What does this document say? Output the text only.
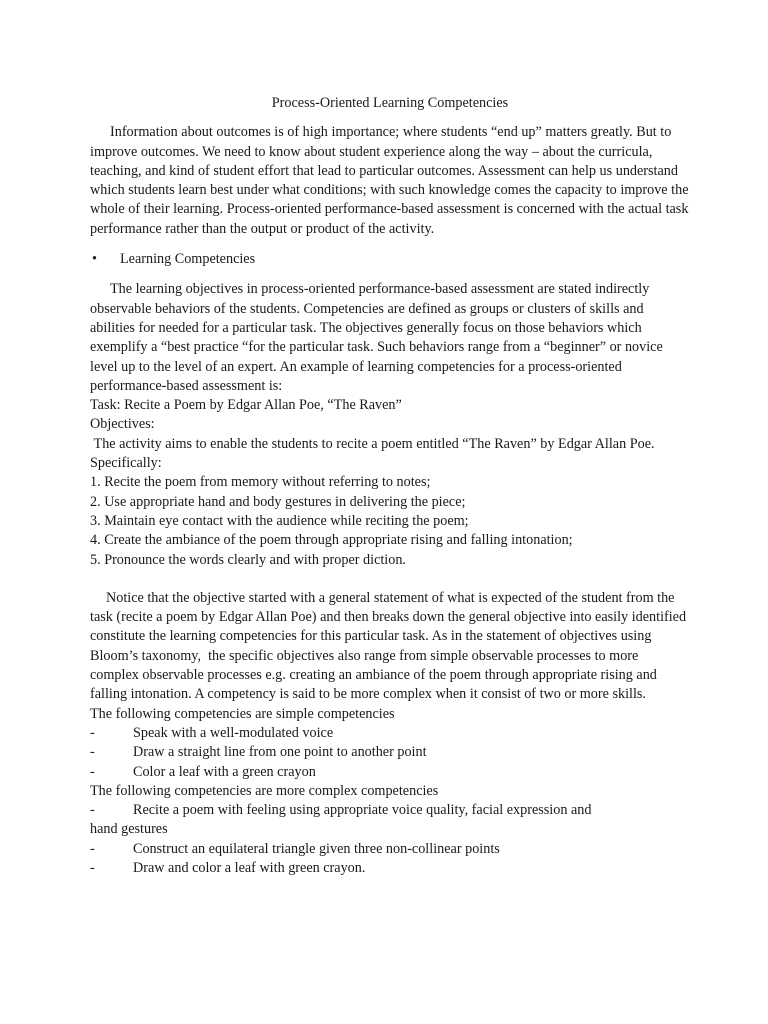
Process-Oriented Learning Competencies

Information about outcomes is of high importance; where students “end up” matters greatly. But to improve outcomes. We need to know about student experience along the way – about the curricula, teaching, and kind of student effort that lead to particular outcomes. Assessment can help us understand which students learn best under what conditions; with such knowledge comes the capacity to improve the whole of their learning. Process-oriented performance-based assessment is concerned with the actual task performance rather than the output or product of the activity.

•	Learning Competencies

The learning objectives in process-oriented performance-based assessment are stated indirectly observable behaviors of the students. Competencies are defined as groups or clusters of skills and abilities for needed for a particular task. The objectives generally focus on those behaviors which exemplify a “best practice “for the particular task. Such behaviors range from a “beginner” or novice level up to the level of an expert. An example of learning competencies for a process-oriented performance-based assessment is:

Task: Recite a Poem by Edgar Allan Poe, “The Raven”

Objectives:

The activity aims to enable the students to recite a poem entitled “The Raven” by Edgar Allan Poe. Specifically:

1. Recite the poem from memory without referring to notes;

2. Use appropriate hand and body gestures in delivering the piece;

3. Maintain eye contact with the audience while reciting the poem;

4. Create the ambiance of the poem through appropriate rising and falling intonation;

5. Pronounce the words clearly and with proper diction.

Notice that the objective started with a general statement of what is expected of the student from the task (recite a poem by Edgar Allan Poe) and then breaks down the general objective into easily identified constitute the learning competencies for this particular task. As in the statement of objectives using Bloom’s taxonomy,  the specific objectives also range from simple observable processes to more complex observable processes e.g. creating an ambiance of the poem through appropriate rising and falling intonation. A competency is said to be more complex when it consist of two or more skills.

The following competencies are simple competencies

-	Speak with a well-modulated voice
-	Draw a straight line from one point to another point
-	Color a leaf with a green crayon

The following competencies are more complex competencies

-	Recite a poem with feeling using appropriate voice quality, facial expression and

hand gestures

-	Construct an equilateral triangle given three non-collinear points
-	Draw and color a leaf with green crayon.
